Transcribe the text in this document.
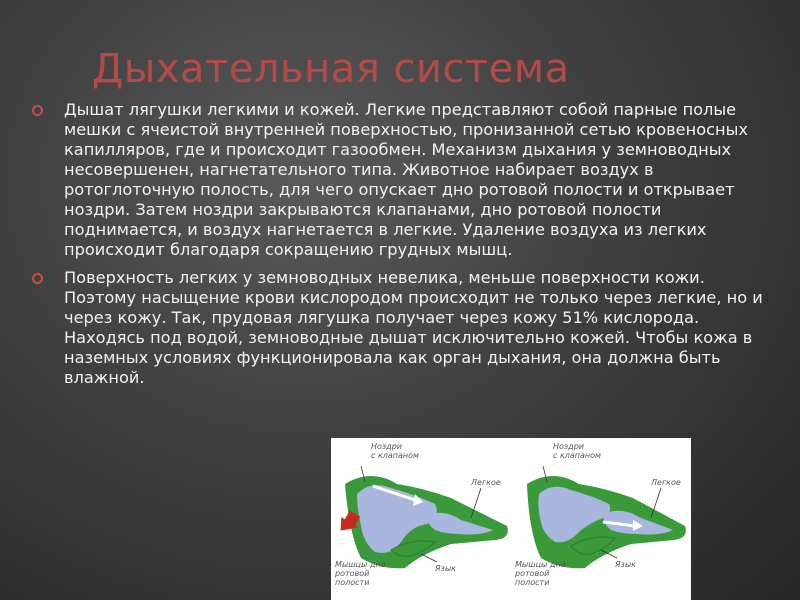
Дыхательная система
Дышат лягушки легкими и кожей. Легкие представляют собой парные полые мешки с ячеистой внутренней поверхностью, пронизанной сетью кровеносных капилляров, где и происходит газообмен. Механизм дыхания у земноводных несовершенен, нагнетательного типа. Животное набирает воздух в ротоглоточную полость, для чего опускает дно ротовой полости и открывает ноздри. Затем ноздри закрываются клапанами, дно ротовой полости поднимается, и воздух нагнетается в легкие. Удаление воздуха из легких происходит благодаря сокращению грудных мышц.
Поверхность легких у земноводных невелика, меньше поверхности кожи. Поэтому насыщение крови кислородом происходит не только через легкие, но и через кожу. Так, прудовая лягушка получает через кожу 51% кислорода. Находясь под водой, земноводные дышат исключительно кожей. Чтобы кожа в наземных условиях функционировала как орган дыхания, она должна быть влажной.
Ноздри
с клапаном
Легкое
Язык
Мышцы дна
ротовой
полости
Ноздри
с клапаном
Легкое
Язык
Мышцы дна
ротовой
полости
